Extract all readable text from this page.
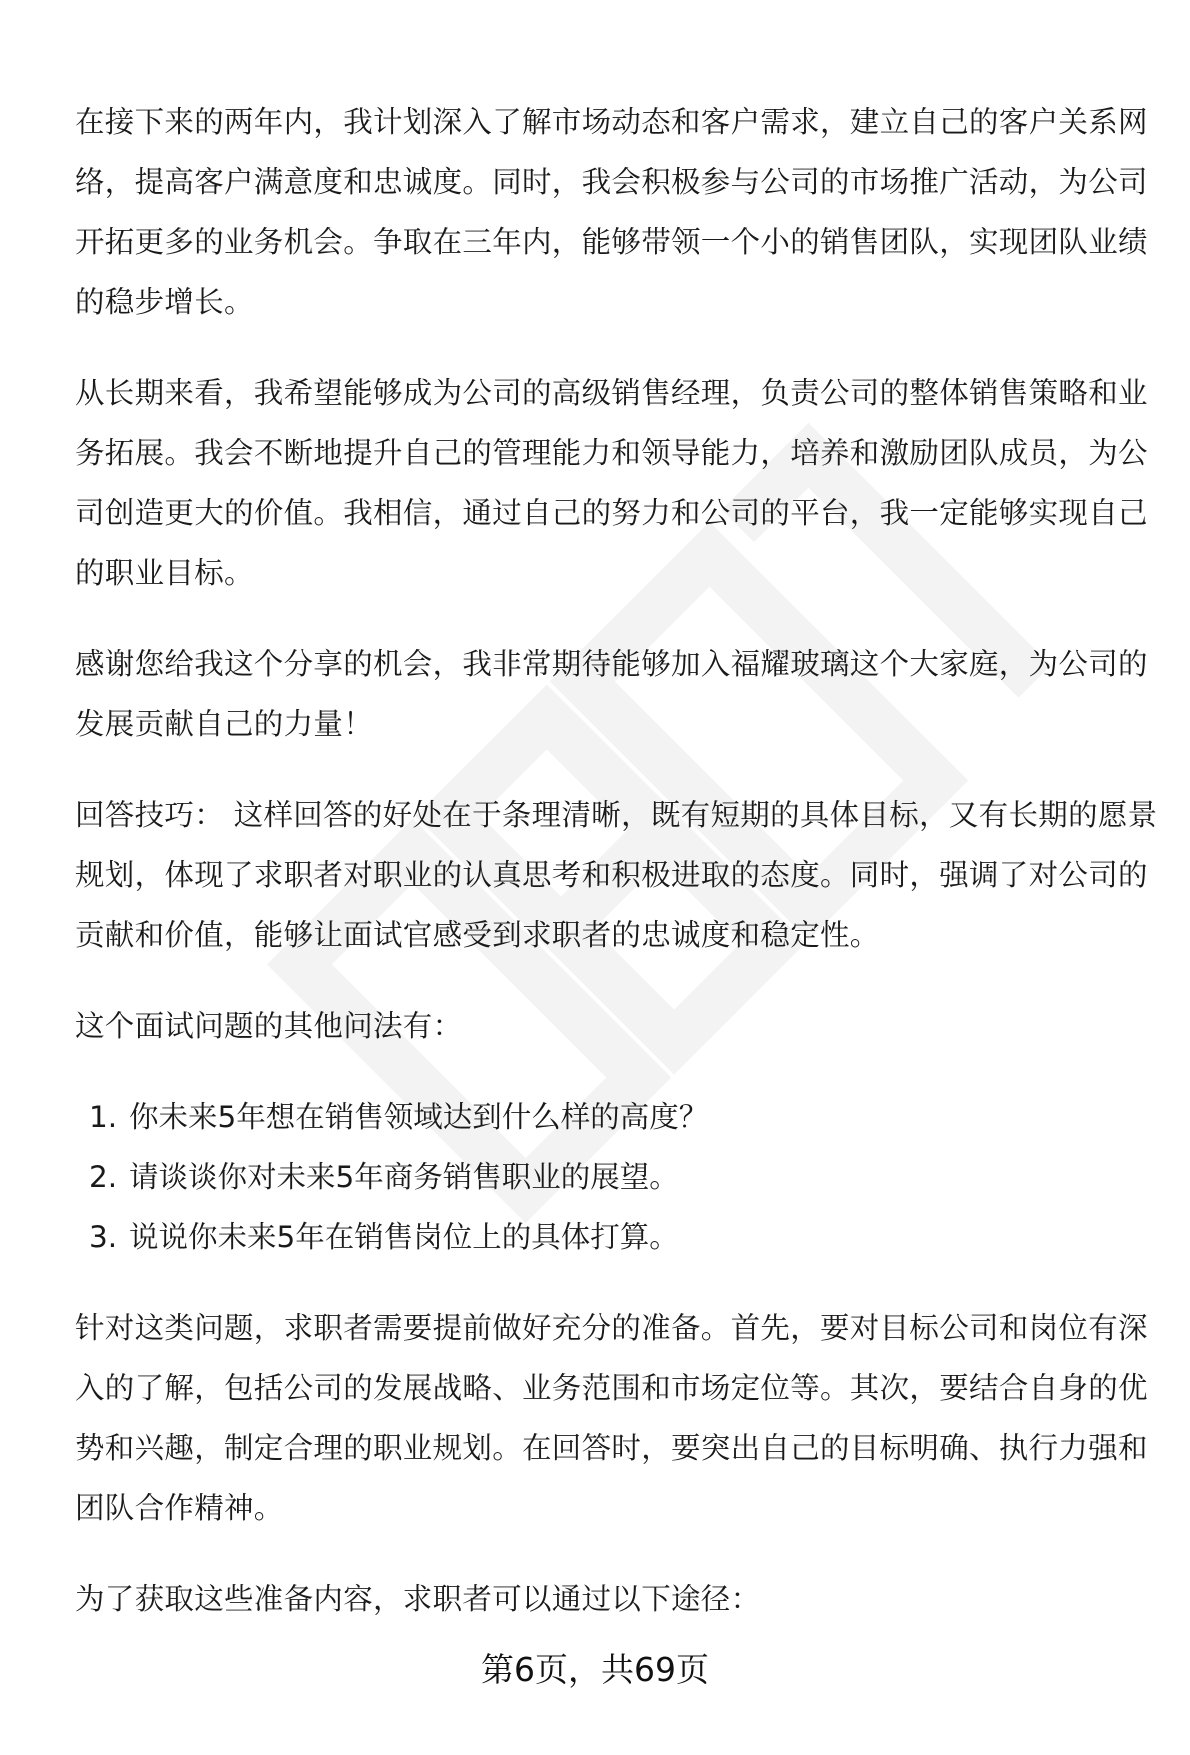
在接下来的两年内，我计划深入了解市场动态和客户需求，建立自己的客户关系网
络，提高客户满意度和忠诚度。同时，我会积极参与公司的市场推广活动，为公司
开拓更多的业务机会。争取在三年内，能够带领一个小的销售团队，实现团队业绩
的稳步增长。

从长期来看，我希望能够成为公司的高级销售经理，负责公司的整体销售策略和业
务拓展。我会不断地提升自己的管理能力和领导能力，培养和激励团队成员，为公
司创造更大的价值。我相信，通过自己的努力和公司的平台，我一定能够实现自己
的职业目标。

感谢您给我这个分享的机会，我非常期待能够加入福耀玻璃这个大家庭，为公司的
发展贡献自己的力量！

回答技巧： 这样回答的好处在于条理清晰，既有短期的具体目标，又有长期的愿景
规划，体现了求职者对职业的认真思考和积极进取的态度。同时，强调了对公司的
贡献和价值，能够让面试官感受到求职者的忠诚度和稳定性。

这个面试问题的其他问法有：

1. 你未来5年想在销售领域达到什么样的高度？
2. 请谈谈你对未来5年商务销售职业的展望。
3. 说说你未来5年在销售岗位上的具体打算。

针对这类问题，求职者需要提前做好充分的准备。首先，要对目标公司和岗位有深
入的了解，包括公司的发展战略、业务范围和市场定位等。其次，要结合自身的优
势和兴趣，制定合理的职业规划。在回答时，要突出自己的目标明确、执行力强和
团队合作精神。

为了获取这些准备内容，求职者可以通过以下途径：

第6页，共69页
